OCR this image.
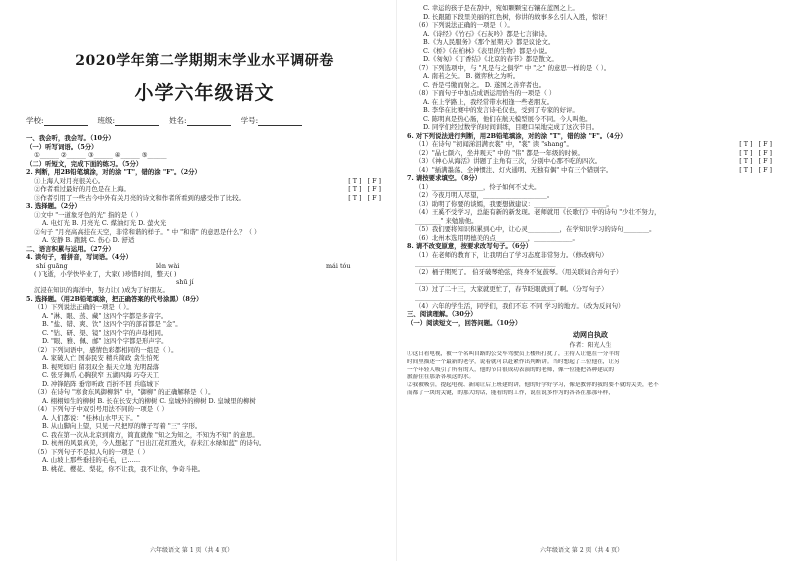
2020学年第二学期期末学业水平调研卷
小学六年级语文
学校:	班级:	姓名:	学号:
一、我会听，我会写。（10分）
（一）听写词语。（5分）
①______ ②______ ③______ ④______ ⑤______
（二）听短文，完成下面的练习。（5分）
2. 判断，用2B铅笔填涂，对的涂 "T"，错的涂 "F"。（2分）
①上海人对月亮很关心。	[T] [F]
②作者看过最好的月色是在上海。	[T] [F]
③作者引用了一些古今中外有关月亮的诗文和作者所看到的感受作了比较。	[T] [F]
3. 选择题。（2分）
①文中 "一道象牙色的光" 指的是（ ）
A. 电灯光 B. 月亮光 C. 煤油灯光 D. 萤火光
②句子 "月亮高高挂在天空，非常和谐的样子。" 中 "和谐" 的意思是什么？（ ）
A. 安静 B. 跑跳 C. 伤心 D. 舒适
二、语言积累与运用。（27分）
4. 读句子，看拼音，写词语。（4分）
shí guāng	lěn wài	mái tóu
( )飞逝，小学快毕业了，大家( )珍惜时间，整天( )
shū jí
沉浸在知识的海洋中，努力让( )成为了好朋友。
5. 选择题。（用2B铅笔填涂，把正确答案的代号涂黑）（8分）
（1）下列说法正确的一项是（ ）。
A. "淋、眼、蒸、藏" 这四个字都是多音字。
B. "盐、错、爽、饮" 这四个字的部首都是 "金"。
C. "钻、研、渠、镜" 这四个字的声母相同。
D. "眼、雅、佩、邮" 这四个字都是形声字。
（2）下列词语中，感情色彩都相同的一组是（ ）。
A. 家破人亡 国泰民安 精兵简政 贪生怕死
B. 视死如归 留羽双全 振天立地 光明磊落
C. 张牙舞爪 心胸狭窄 五湖四海 巧夺天工
D. 冲锋陷阵 垂帘听政 百折不回 兵临城下
（3）在诗句 "寒食东风御柳斜" 中，"御柳" 的正确解释是（ ）。
A. 栩栩如生的柳树 B. 长在长安大的柳树 C. 皇城外的柳树 D. 皇城里的柳树
（4）下列句子中双引号用法不同的一项是（ ）
A. 人们都说："桂林山水甲天下。"
B. 从山脚向上望，只见一尺把厚的牌子写着 "三" 字形。
C. 我在第一次从北京到南方，简直就像 "知之为知之，不知为不知" 的意思。
D. 杭州的风景真美，今人想起了 "日出江花红胜火，春来江水绿如蓝" 的诗句。
（5）下列句子不是拟人句的一项是（ ）
A. 山坡上那些垂挂的毛毛，已……
B. 桃花、樱花、梨花，你不让我，我不让你，争奇斗艳。
C. 幸运的孩子是在刮中，宛如颗颗宝石镶在蓝图之上。
D. 长跟随下段里美丽的红色树，你讲的故事多么引人入胜，惊讶！
（6）下列说法正确的一项是（ ）。
A.《诗经》《竹石》《石灰吟》都是七言律诗。
B.《为人民服务》《那个星期天》都是议论文。
C.《桥》《在柏林》《表里的生物》都是小说。
D.《匆匆》《丁香结》《北京的春节》都是散文。
（7）下列选项中，与 "凡是与之俱学" 中 "之" 的意思一样的是（ ）。
A. 南若之矢。 B. 微弈秋之为听。
C. 吾是弓缴而射之。 D. 遂国之善弈者也。
（8）下面句子中加点成语运用恰当的一项是（ ）
A. 在上学路上，我经常带水相逢一些老朋友。
B. 李华在比赛中的发言诗毛仅也，受到了专家的好评。
C. 陈明真是热心肠，他们在航天模型展今不同。今人叫他。
D. 同学们经过数学的时间训练，目瞪口呆地完成了这次节目。
6. 对下列说法进行判断，用2B铅笔填涂，对的涂 "T"，错的涂 "F"。（4分）
（1）在诗句 "初闻涕泪满衣裳" 中，"裳" 读 "shang"。	[T] [F]
（2）"晶七颜六，坐井观天" 中的 "伟" 都是一年级的时候。	[T] [F]
（3）《神心从海活》讲题了主角有三次，分别中心那不吃的四次。	[T] [F]
（4）"插满墨荡、全神惯注、灯火通明、无独有偶" 中有三个错别字。	[T] [F]
7. 请按要求填空。（8分）
（1）________________，怜子如何不丈夫。
（2）今夜月明人尽望，____________________。
（3）助明了你要的谈嫣，我要想做建议：__________ ____________。
（4）王奚不受学习，总能有新的新发现。老师就用《长歌行》中的诗句 "少壮不努力，
________" 来勉励他。
（5）我们要将知识积累到心中，让心灵__________，在学知识学习的诗句________。
（6）北州本选用明德美的点__________，____________。
8. 请不改变原意，按要求改写句子。（6分）
（1）在老师的教育下，让我明白了学习态度非常努力。（修改病句）
____________________________________________
（2）桶子期死了。 伯牙破琴绝弦，终身不复鼓琴。（用关联词合并句子）
____________________________________________
（3）过了二十三，大家就更忙了，春节眨眼就到了啊。（分写句子）
____________________________________________
（4）六年的学生活，同学们，我们不忘 不同 学习的地方。（改为反问句）
三、阅读理解。（30分）
（一）阅读短文一，回答问题。（10分）
动网自执政
作者：阳光人生
①这日看电视，被一个名叫自路的公交车驾驶员上楼所打扰了，主持人让他在一分半的
时间里描述一个最新的老学，说着就可以赶紧作出判断讲。当时想起了三位他在，让另
一个年轻人吸引了所有的人，他的节目很成功表演的的老师，像一位能把各种建议的
旅游住在那条各项这的水。
②我被吸引，提起电视、新闻让后上班建的讲，他的好学好学习，像是教你的我的要不就的关美，老不
而都了一块的关键，的那大的话，能看的的工作，说在说多作为的各各在那那年样，
六年级语文 第 1 页（共 4 页）	六年级语文 第 2 页（共 4 页）
